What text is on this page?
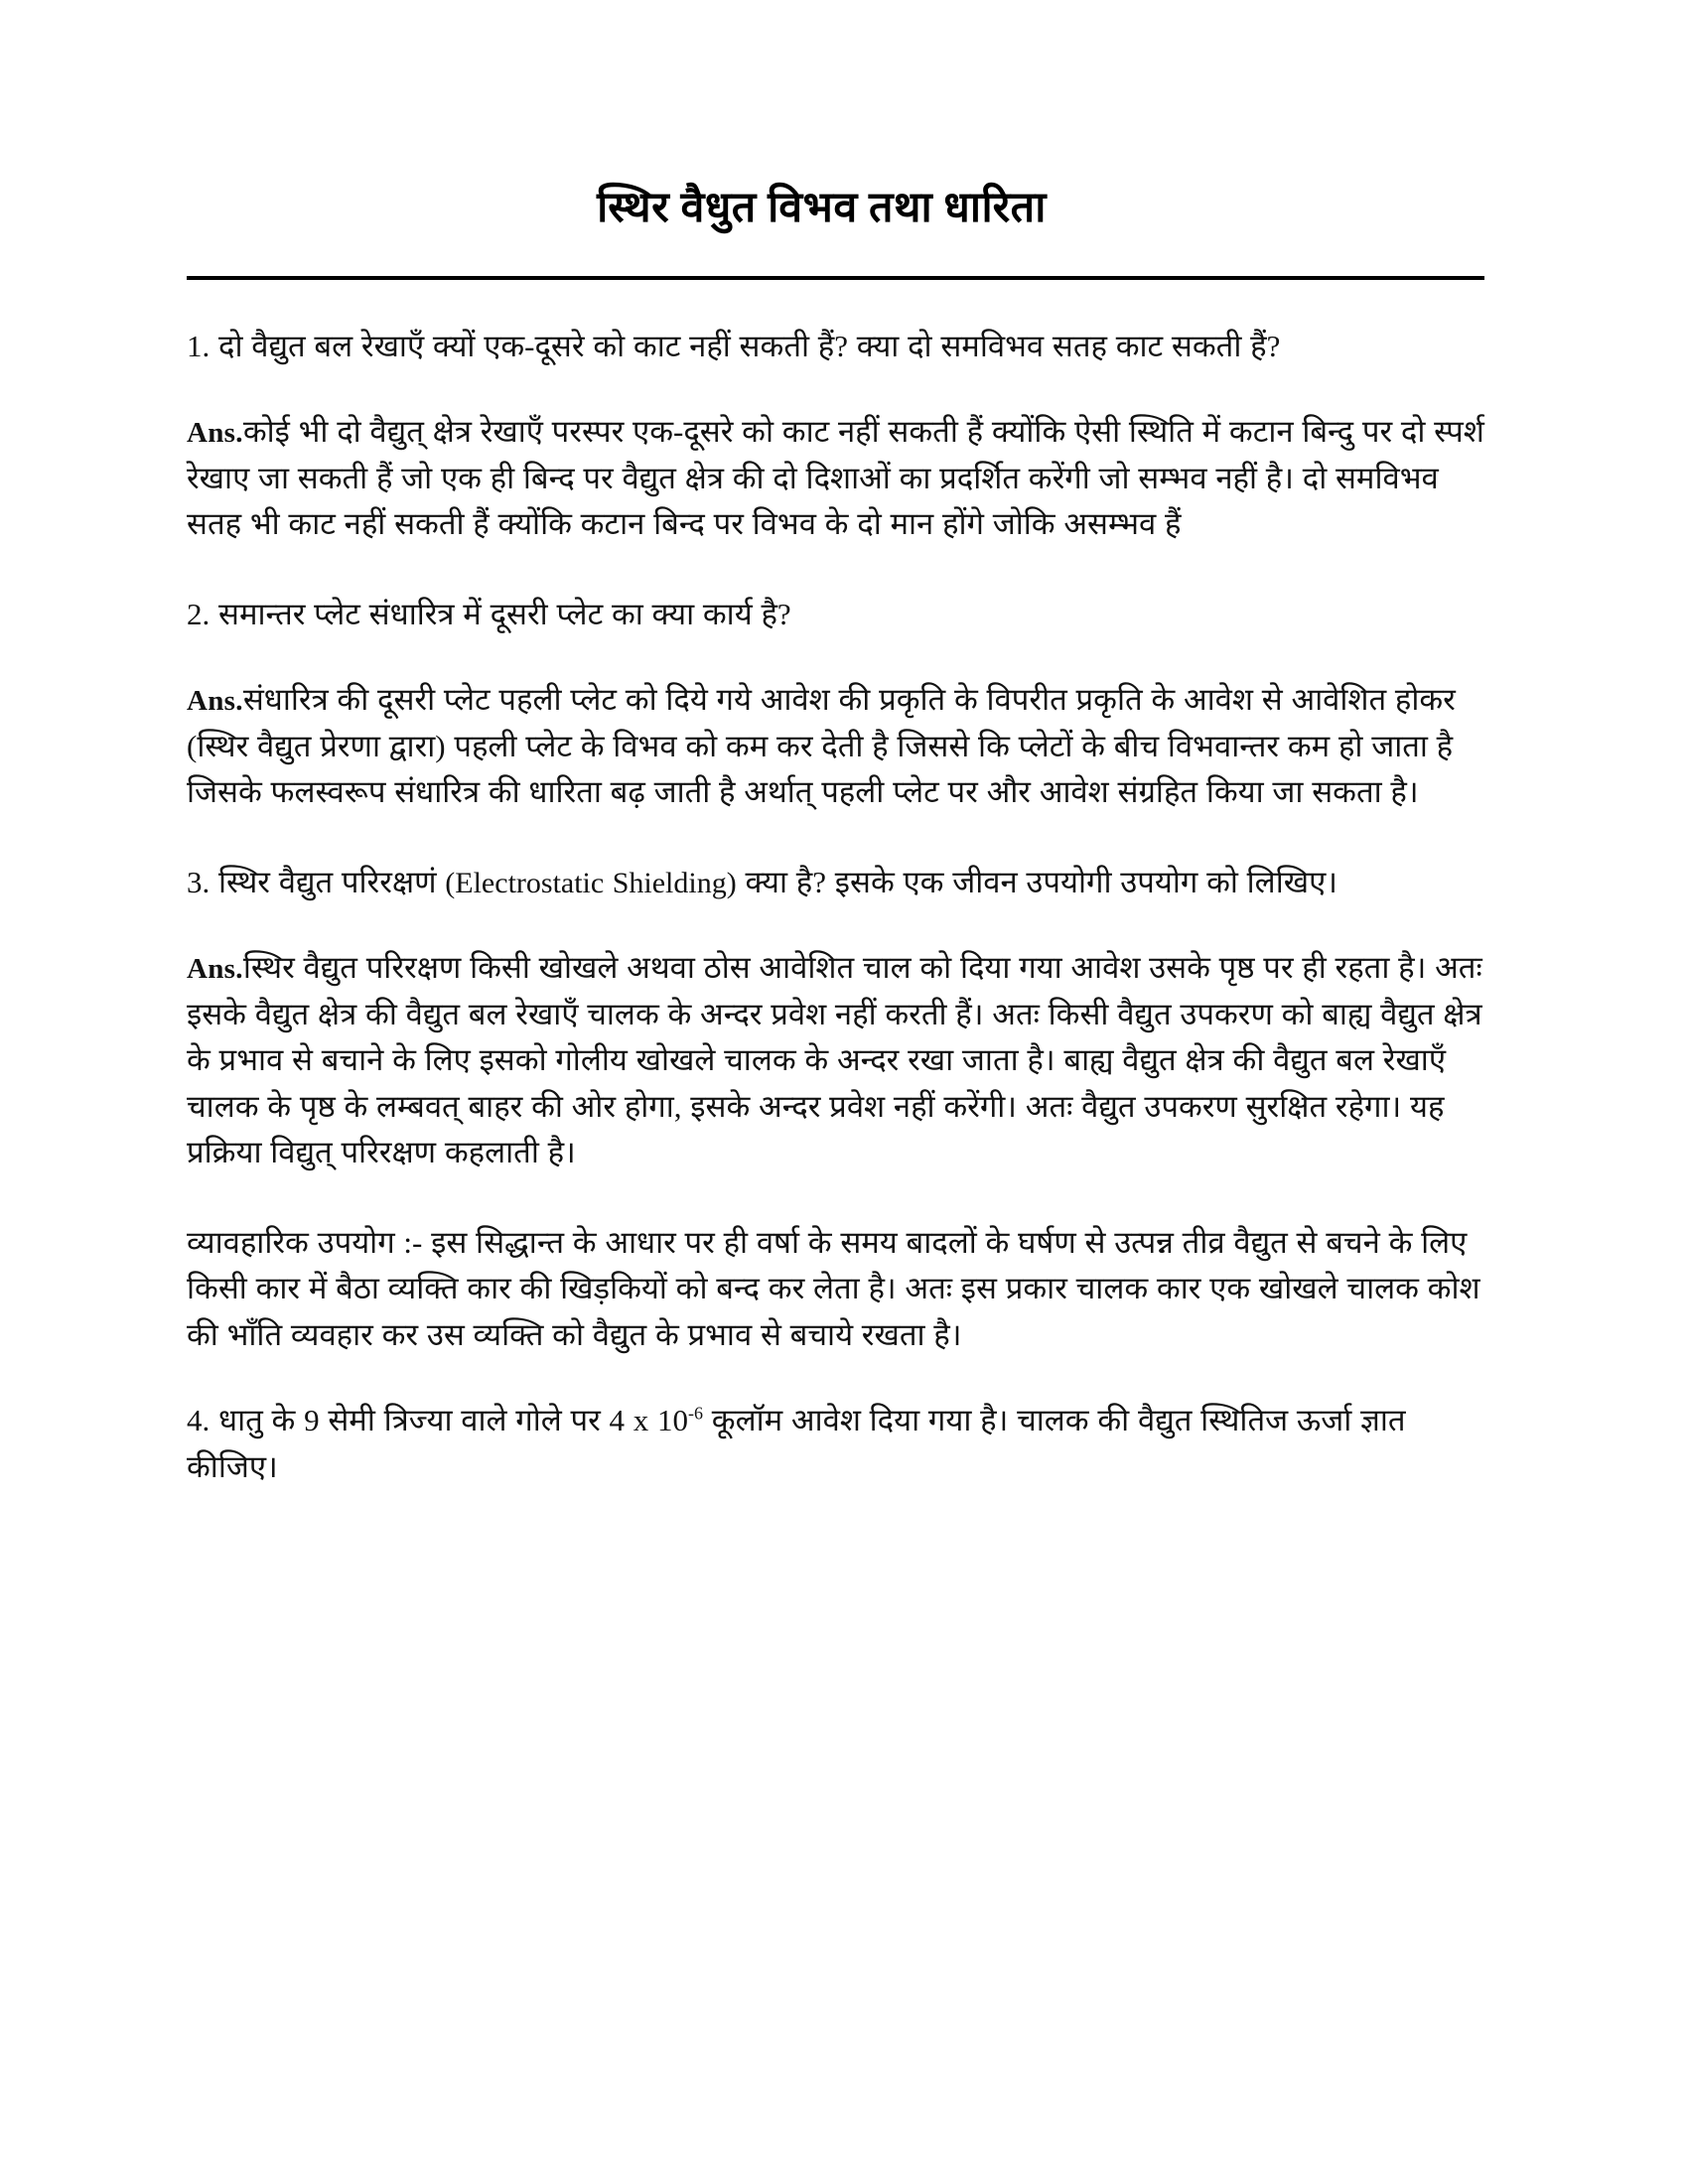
स्थिर वैधुत विभव तथा धारिता

1. दो वैद्युत बल रेखाएँ क्यों एक-दूसरे को काट नहीं सकती हैं? क्या दो समविभव सतह काट सकती हैं?

Ans.कोई भी दो वैद्युत् क्षेत्र रेखाएँ परस्पर एक-दूसरे को काट नहीं सकती हैं क्योंकि ऐसी स्थिति में कटान बिन्दु पर दो स्पर्श रेखाए जा सकती हैं जो एक ही बिन्द पर वैद्युत क्षेत्र की दो दिशाओं का प्रदर्शित करेंगी जो सम्भव नहीं है। दो समविभव सतह भी काट नहीं सकती हैं क्योंकि कटान बिन्द पर विभव के दो मान होंगे जोकि असम्भव हैं

2. समान्तर प्लेट संधारित्र में दूसरी प्लेट का क्या कार्य है?

Ans.संधारित्र की दूसरी प्लेट पहली प्लेट को दिये गये आवेश की प्रकृति के विपरीत प्रकृति के आवेश से आवेशित होकर (स्थिर वैद्युत प्रेरणा द्वारा) पहली प्लेट के विभव को कम कर देती है जिससे कि प्लेटों के बीच विभवान्तर कम हो जाता है जिसके फलस्वरूप संधारित्र की धारिता बढ़ जाती है अर्थात् पहली प्लेट पर और आवेश संग्रहित किया जा सकता है।

3. स्थिर वैद्युत परिरक्षणं (Electrostatic Shielding) क्या है? इसके एक जीवन उपयोगी उपयोग को लिखिए।

Ans.स्थिर वैद्युत परिरक्षण किसी खोखले अथवा ठोस आवेशित चाल को दिया गया आवेश उसके पृष्ठ पर ही रहता है। अतः इसके वैद्युत क्षेत्र की वैद्युत बल रेखाएँ चालक के अन्दर प्रवेश नहीं करती हैं। अतः किसी वैद्युत उपकरण को बाह्य वैद्युत क्षेत्र के प्रभाव से बचाने के लिए इसको गोलीय खोखले चालक के अन्दर रखा जाता है। बाह्य वैद्युत क्षेत्र की वैद्युत बल रेखाएँ चालक के पृष्ठ के लम्बवत् बाहर की ओर होगा, इसके अन्दर प्रवेश नहीं करेंगी। अतः वैद्युत उपकरण सुरक्षित रहेगा। यह प्रक्रिया विद्युत् परिरक्षण कहलाती है।

व्यावहारिक उपयोग :- इस सिद्धान्त के आधार पर ही वर्षा के समय बादलों के घर्षण से उत्पन्न तीव्र वैद्युत से बचने के लिए किसी कार में बैठा व्यक्ति कार की खिड़कियों को बन्द कर लेता है। अतः इस प्रकार चालक कार एक खोखले चालक कोश की भाँति व्यवहार कर उस व्यक्ति को वैद्युत के प्रभाव से बचाये रखता है।

4. धातु के 9 सेमी त्रिज्या वाले गोले पर 4 x $10^{-6}$ कूलॉम आवेश दिया गया है। चालक की वैद्युत स्थितिज ऊर्जा ज्ञात कीजिए।
